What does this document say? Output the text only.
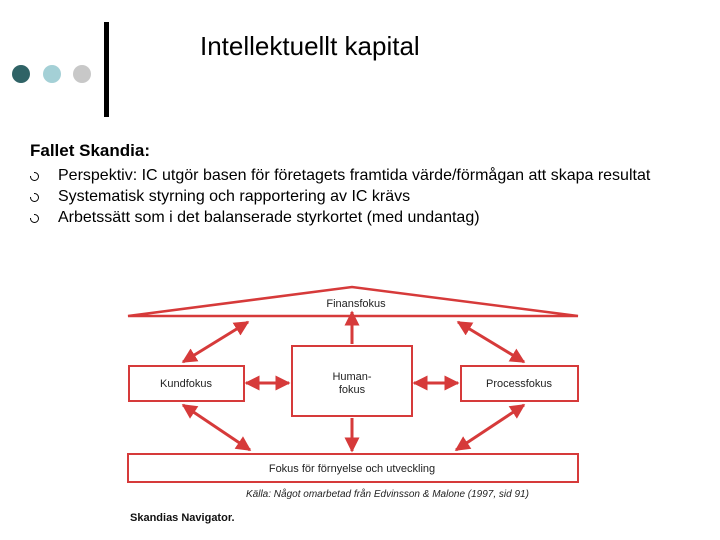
Intellektuellt kapital
Fallet Skandia:
Perspektiv: IC utgör basen för företagets framtida värde/förmågan att skapa resultat
Systematisk styrning och rapportering av IC krävs
Arbetssätt som i det balanserade styrkortet (med undantag)
Finansfokus
Kundfokus
Human-
fokus	Processfokus
Fokus för förnyelse och utveckling
Källa: Något omarbetad från Edvinsson & Malone (1997, sid 91)
Skandias Navigator.
